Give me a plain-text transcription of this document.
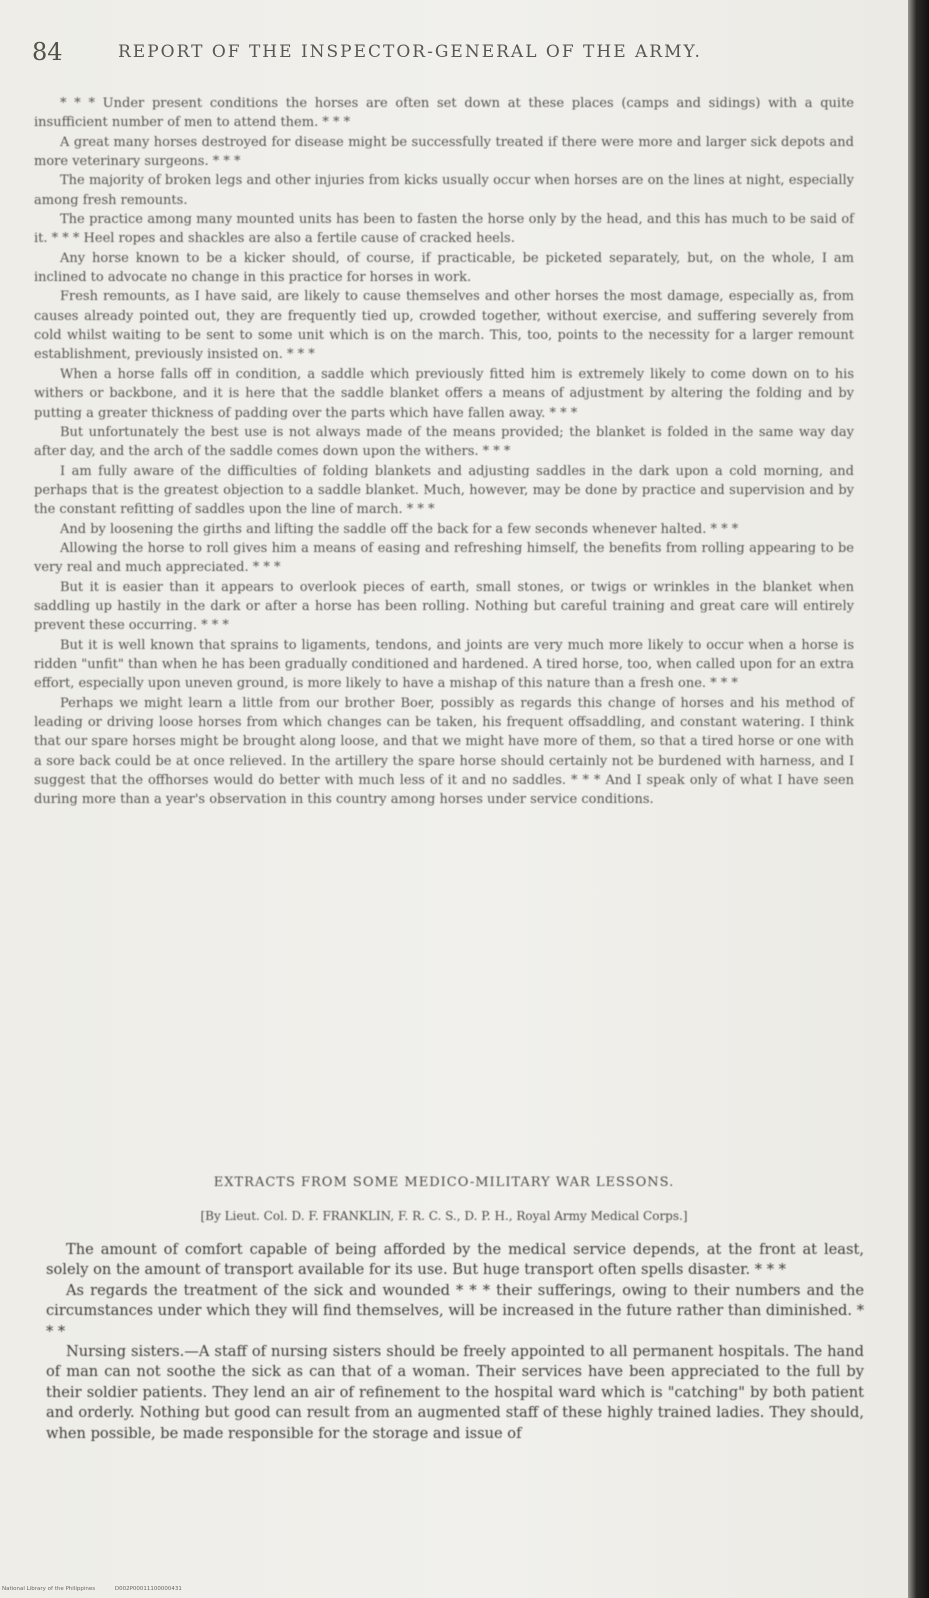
84	REPORT OF THE INSPECTOR-GENERAL OF THE ARMY.

* * * Under present conditions the horses are often set down at these places (camps and sidings) with a quite insufficient number of men to attend them. * * *

A great many horses destroyed for disease might be successfully treated if there were more and larger sick depots and more veterinary surgeons. * * *

The majority of broken legs and other injuries from kicks usually occur when horses are on the lines at night, especially among fresh remounts.

The practice among many mounted units has been to fasten the horse only by the head, and this has much to be said of it. * * * Heel ropes and shackles are also a fertile cause of cracked heels.

Any horse known to be a kicker should, of course, if practicable, be picketed separately, but, on the whole, I am inclined to advocate no change in this practice for horses in work.

Fresh remounts, as I have said, are likely to cause themselves and other horses the most damage, especially as, from causes already pointed out, they are frequently tied up, crowded together, without exercise, and suffering severely from cold whilst waiting to be sent to some unit which is on the march. This, too, points to the necessity for a larger remount establishment, previously insisted on. * * *

When a horse falls off in condition, a saddle which previously fitted him is extremely likely to come down on to his withers or backbone, and it is here that the saddle blanket offers a means of adjustment by altering the folding and by putting a greater thickness of padding over the parts which have fallen away. * * *

But unfortunately the best use is not always made of the means provided; the blanket is folded in the same way day after day, and the arch of the saddle comes down upon the withers. * * *

I am fully aware of the difficulties of folding blankets and adjusting saddles in the dark upon a cold morning, and perhaps that is the greatest objection to a saddle blanket. Much, however, may be done by practice and supervision and by the constant refitting of saddles upon the line of march. * * *

And by loosening the girths and lifting the saddle off the back for a few seconds whenever halted. * * *

Allowing the horse to roll gives him a means of easing and refreshing himself, the benefits from rolling appearing to be very real and much appreciated. * * *

But it is easier than it appears to overlook pieces of earth, small stones, or twigs or wrinkles in the blanket when saddling up hastily in the dark or after a horse has been rolling. Nothing but careful training and great care will entirely prevent these occurring. * * *

But it is well known that sprains to ligaments, tendons, and joints are very much more likely to occur when a horse is ridden "unfit" than when he has been gradually conditioned and hardened. A tired horse, too, when called upon for an extra effort, especially upon uneven ground, is more likely to have a mishap of this nature than a fresh one. * * *

Perhaps we might learn a little from our brother Boer, possibly as regards this change of horses and his method of leading or driving loose horses from which changes can be taken, his frequent offsaddling, and constant watering. I think that our spare horses might be brought along loose, and that we might have more of them, so that a tired horse or one with a sore back could be at once relieved. In the artillery the spare horse should certainly not be burdened with harness, and I suggest that the offhorses would do better with much less of it and no saddles. * * * And I speak only of what I have seen during more than a year's observation in this country among horses under service conditions.

EXTRACTS FROM SOME MEDICO-MILITARY WAR LESSONS.
[By Lieut. Col. D. F. FRANKLIN, F. R. C. S., D. P. H., Royal Army Medical Corps.]

The amount of comfort capable of being afforded by the medical service depends, at the front at least, solely on the amount of transport available for its use. But huge transport often spells disaster. * * *

As regards the treatment of the sick and wounded * * * their sufferings, owing to their numbers and the circumstances under which they will find themselves, will be increased in the future rather than diminished. * * *

Nursing sisters.—A staff of nursing sisters should be freely appointed to all permanent hospitals. The hand of man can not soothe the sick as can that of a woman. Their services have been appreciated to the full by their soldier patients. They lend an air of refinement to the hospital ward which is "catching" by both patient and orderly. Nothing but good can result from an augmented staff of these highly trained ladies. They should, when possible, be made responsible for the storage and issue of

National Library of the Philippines	D002P00011100000431
